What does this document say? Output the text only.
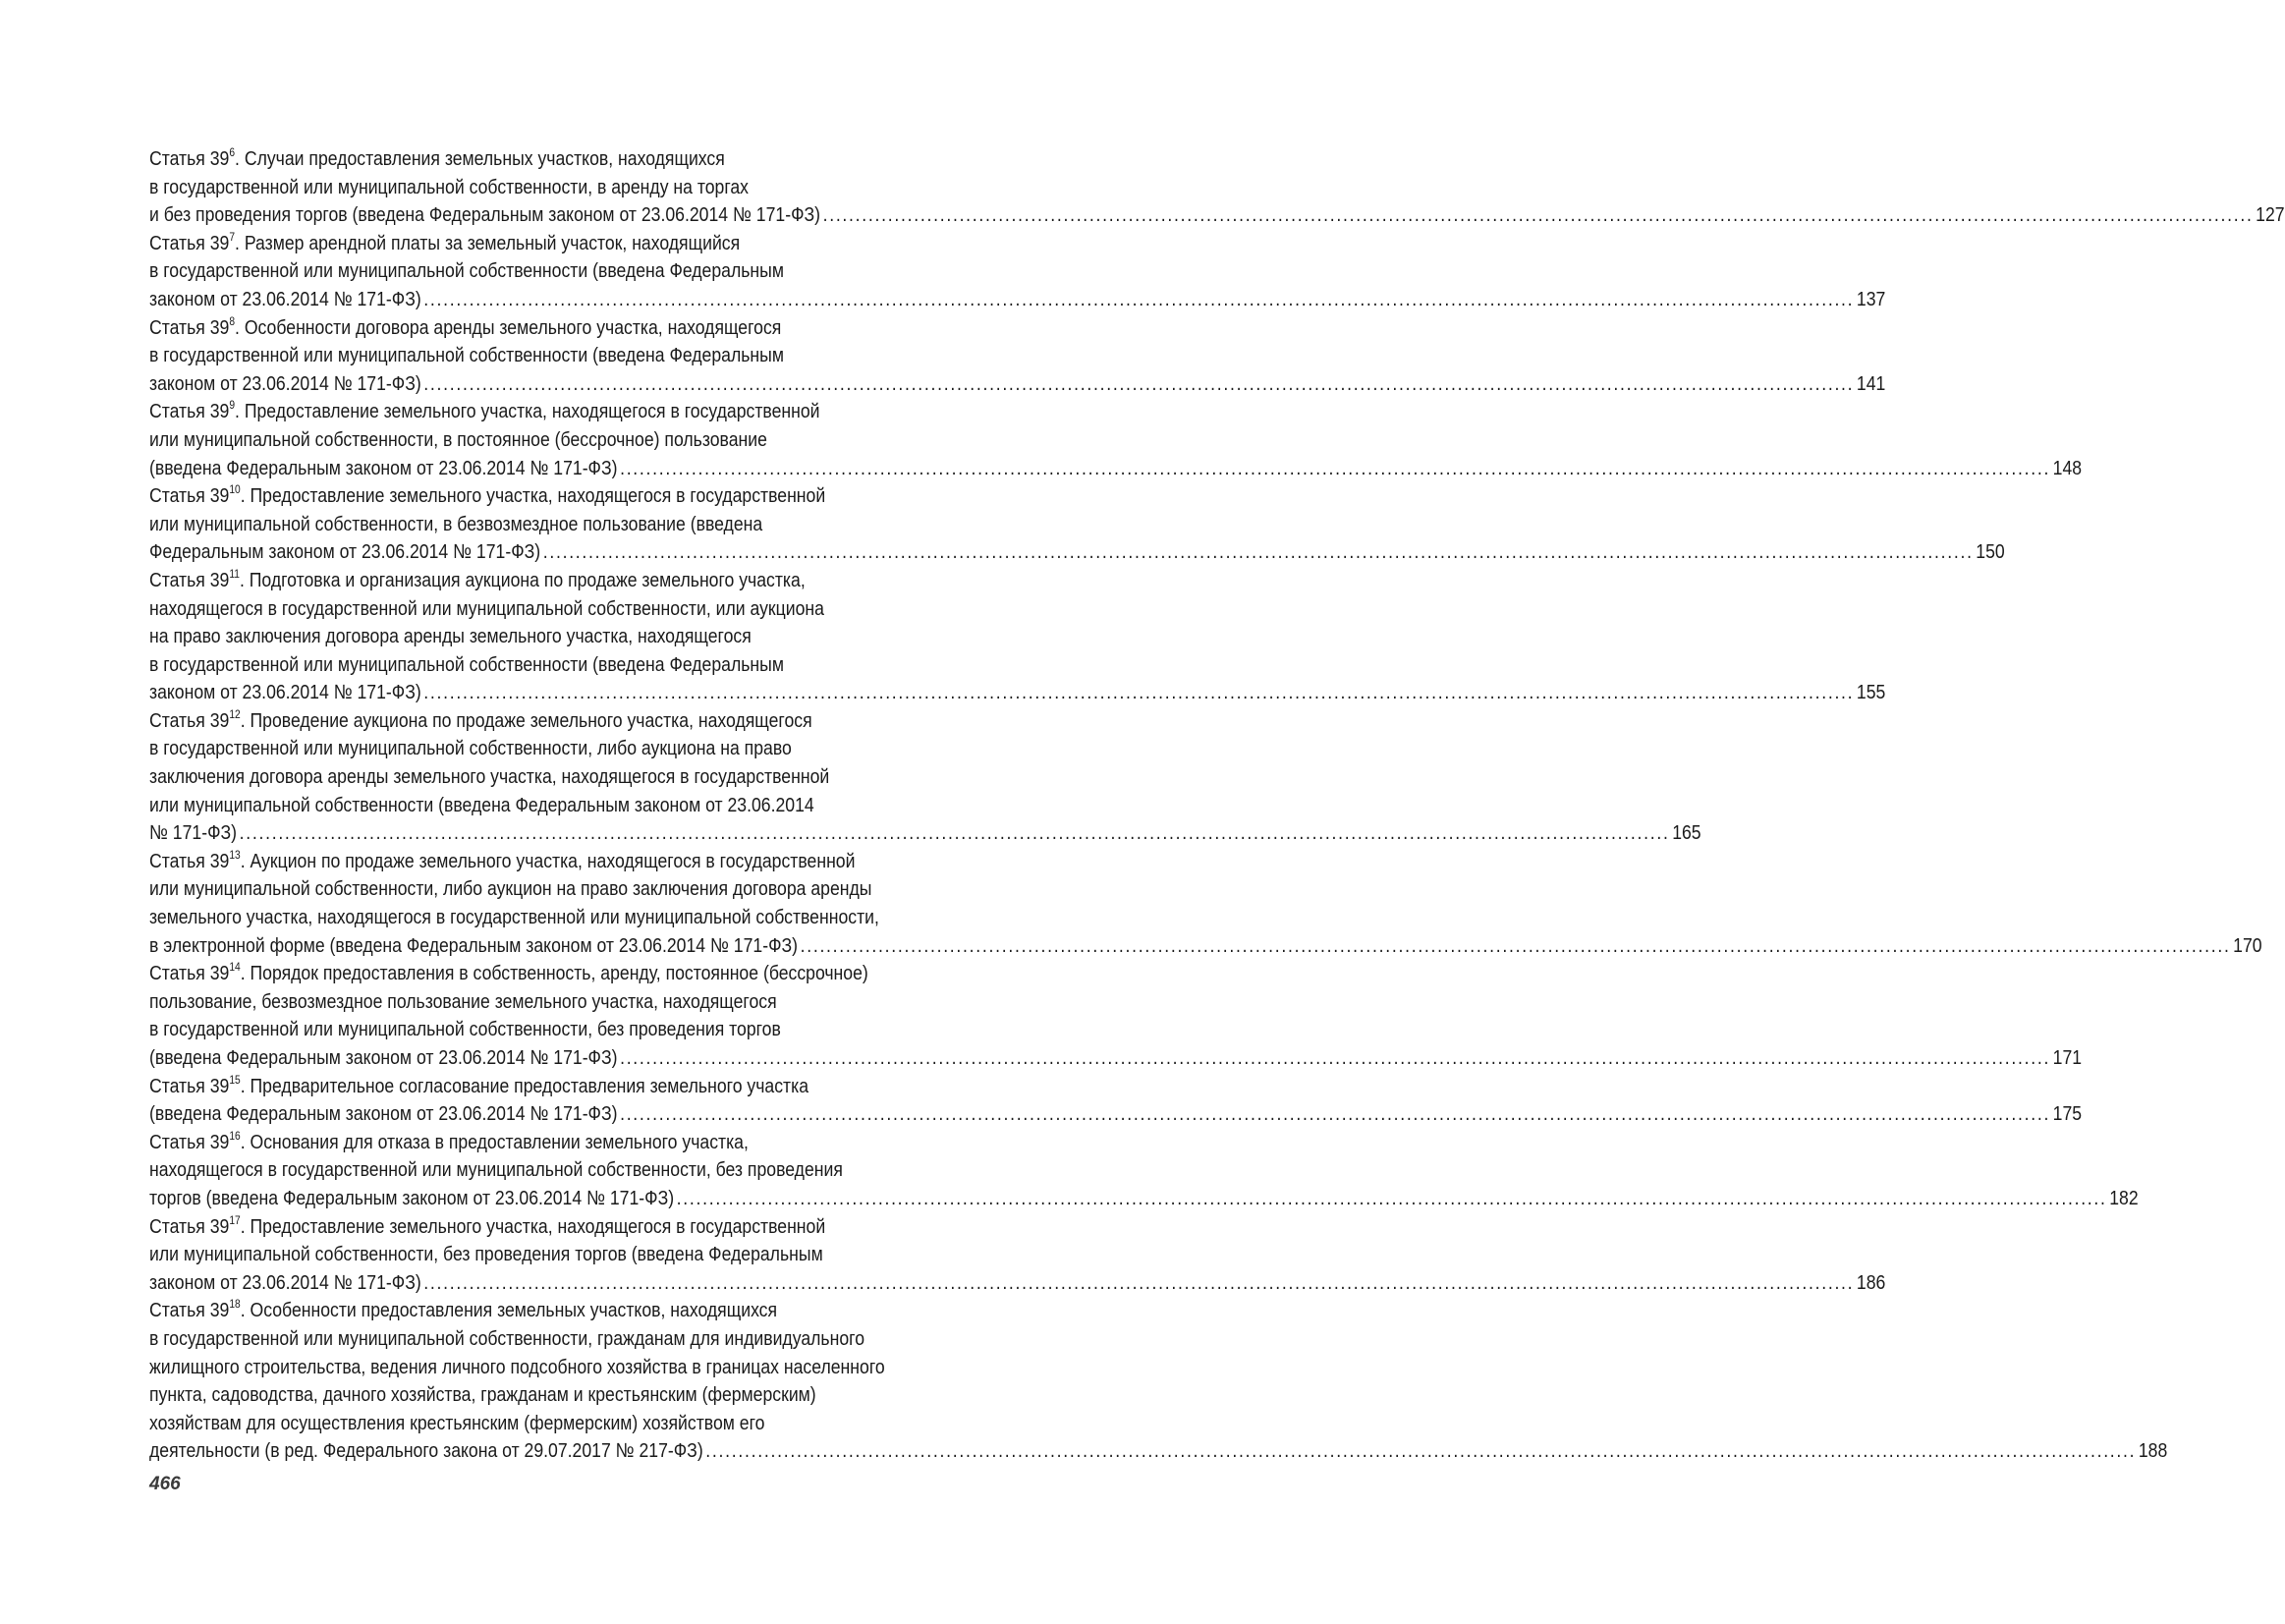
Статья $39^6$. Случаи предоставления земельных участков, находящихся
в государственной или муниципальной собственности, в аренду на торгах
и без проведения торгов (введена Федеральным законом от 23.06.2014 № 171-ФЗ) ............................................................................................................................................................................................................................ 127
Статья $39^7$. Размер арендной платы за земельный участок, находящийся
в государственной или муниципальной собственности (введена Федеральным
законом от 23.06.2014 № 171-ФЗ) ............................................................................................................................................................................................................................ 137
Статья $39^8$. Особенности договора аренды земельного участка, находящегося
в государственной или муниципальной собственности (введена Федеральным
законом от 23.06.2014 № 171-ФЗ) ............................................................................................................................................................................................................................ 141
Статья $39^9$. Предоставление земельного участка, находящегося в государственной
или муниципальной собственности, в постоянное (бессрочное) пользование
(введена Федеральным законом от 23.06.2014 № 171-ФЗ) ............................................................................................................................................................................................................................ 148
Статья $39^{10}$. Предоставление земельного участка, находящегося в государственной
или муниципальной собственности, в безвозмездное пользование (введена
Федеральным законом от 23.06.2014 № 171-ФЗ) ............................................................................................................................................................................................................................ 150
Статья $39^{11}$. Подготовка и организация аукциона по продаже земельного участка,
находящегося в государственной или муниципальной собственности, или аукциона
на право заключения договора аренды земельного участка, находящегося
в государственной или муниципальной собственности (введена Федеральным
законом от 23.06.2014 № 171-ФЗ) ............................................................................................................................................................................................................................ 155
Статья $39^{12}$. Проведение аукциона по продаже земельного участка, находящегося
в государственной или муниципальной собственности, либо аукциона на право
заключения договора аренды земельного участка, находящегося в государственной
или муниципальной собственности (введена Федеральным законом от 23.06.2014
№ 171-ФЗ) ............................................................................................................................................................................................................................ 165
Статья $39^{13}$. Аукцион по продаже земельного участка, находящегося в государственной
или муниципальной собственности, либо аукцион на право заключения договора аренды
земельного участка, находящегося в государственной или муниципальной собственности,
в электронной форме (введена Федеральным законом от 23.06.2014 № 171-ФЗ) ............................................................................................................................................................................................................................ 170
Статья $39^{14}$. Порядок предоставления в собственность, аренду, постоянное (бессрочное)
пользование, безвозмездное пользование земельного участка, находящегося
в государственной или муниципальной собственности, без проведения торгов
(введена Федеральным законом от 23.06.2014 № 171-ФЗ) ............................................................................................................................................................................................................................ 171
Статья $39^{15}$. Предварительное согласование предоставления земельного участка
(введена Федеральным законом от 23.06.2014 № 171-ФЗ) ............................................................................................................................................................................................................................ 175
Статья $39^{16}$. Основания для отказа в предоставлении земельного участка,
находящегося в государственной или муниципальной собственности, без проведения
торгов (введена Федеральным законом от 23.06.2014 № 171-ФЗ) ............................................................................................................................................................................................................................ 182
Статья $39^{17}$. Предоставление земельного участка, находящегося в государственной
или муниципальной собственности, без проведения торгов (введена Федеральным
законом от 23.06.2014 № 171-ФЗ) ............................................................................................................................................................................................................................ 186
Статья $39^{18}$. Особенности предоставления земельных участков, находящихся
в государственной или муниципальной собственности, гражданам для индивидуального
жилищного строительства, ведения личного подсобного хозяйства в границах населенного
пункта, садоводства, дачного хозяйства, гражданам и крестьянским (фермерским)
хозяйствам для осуществления крестьянским (фермерским) хозяйством его
деятельности (в ред. Федерального закона от 29.07.2017 № 217-ФЗ) ............................................................................................................................................................................................................................ 188
466
